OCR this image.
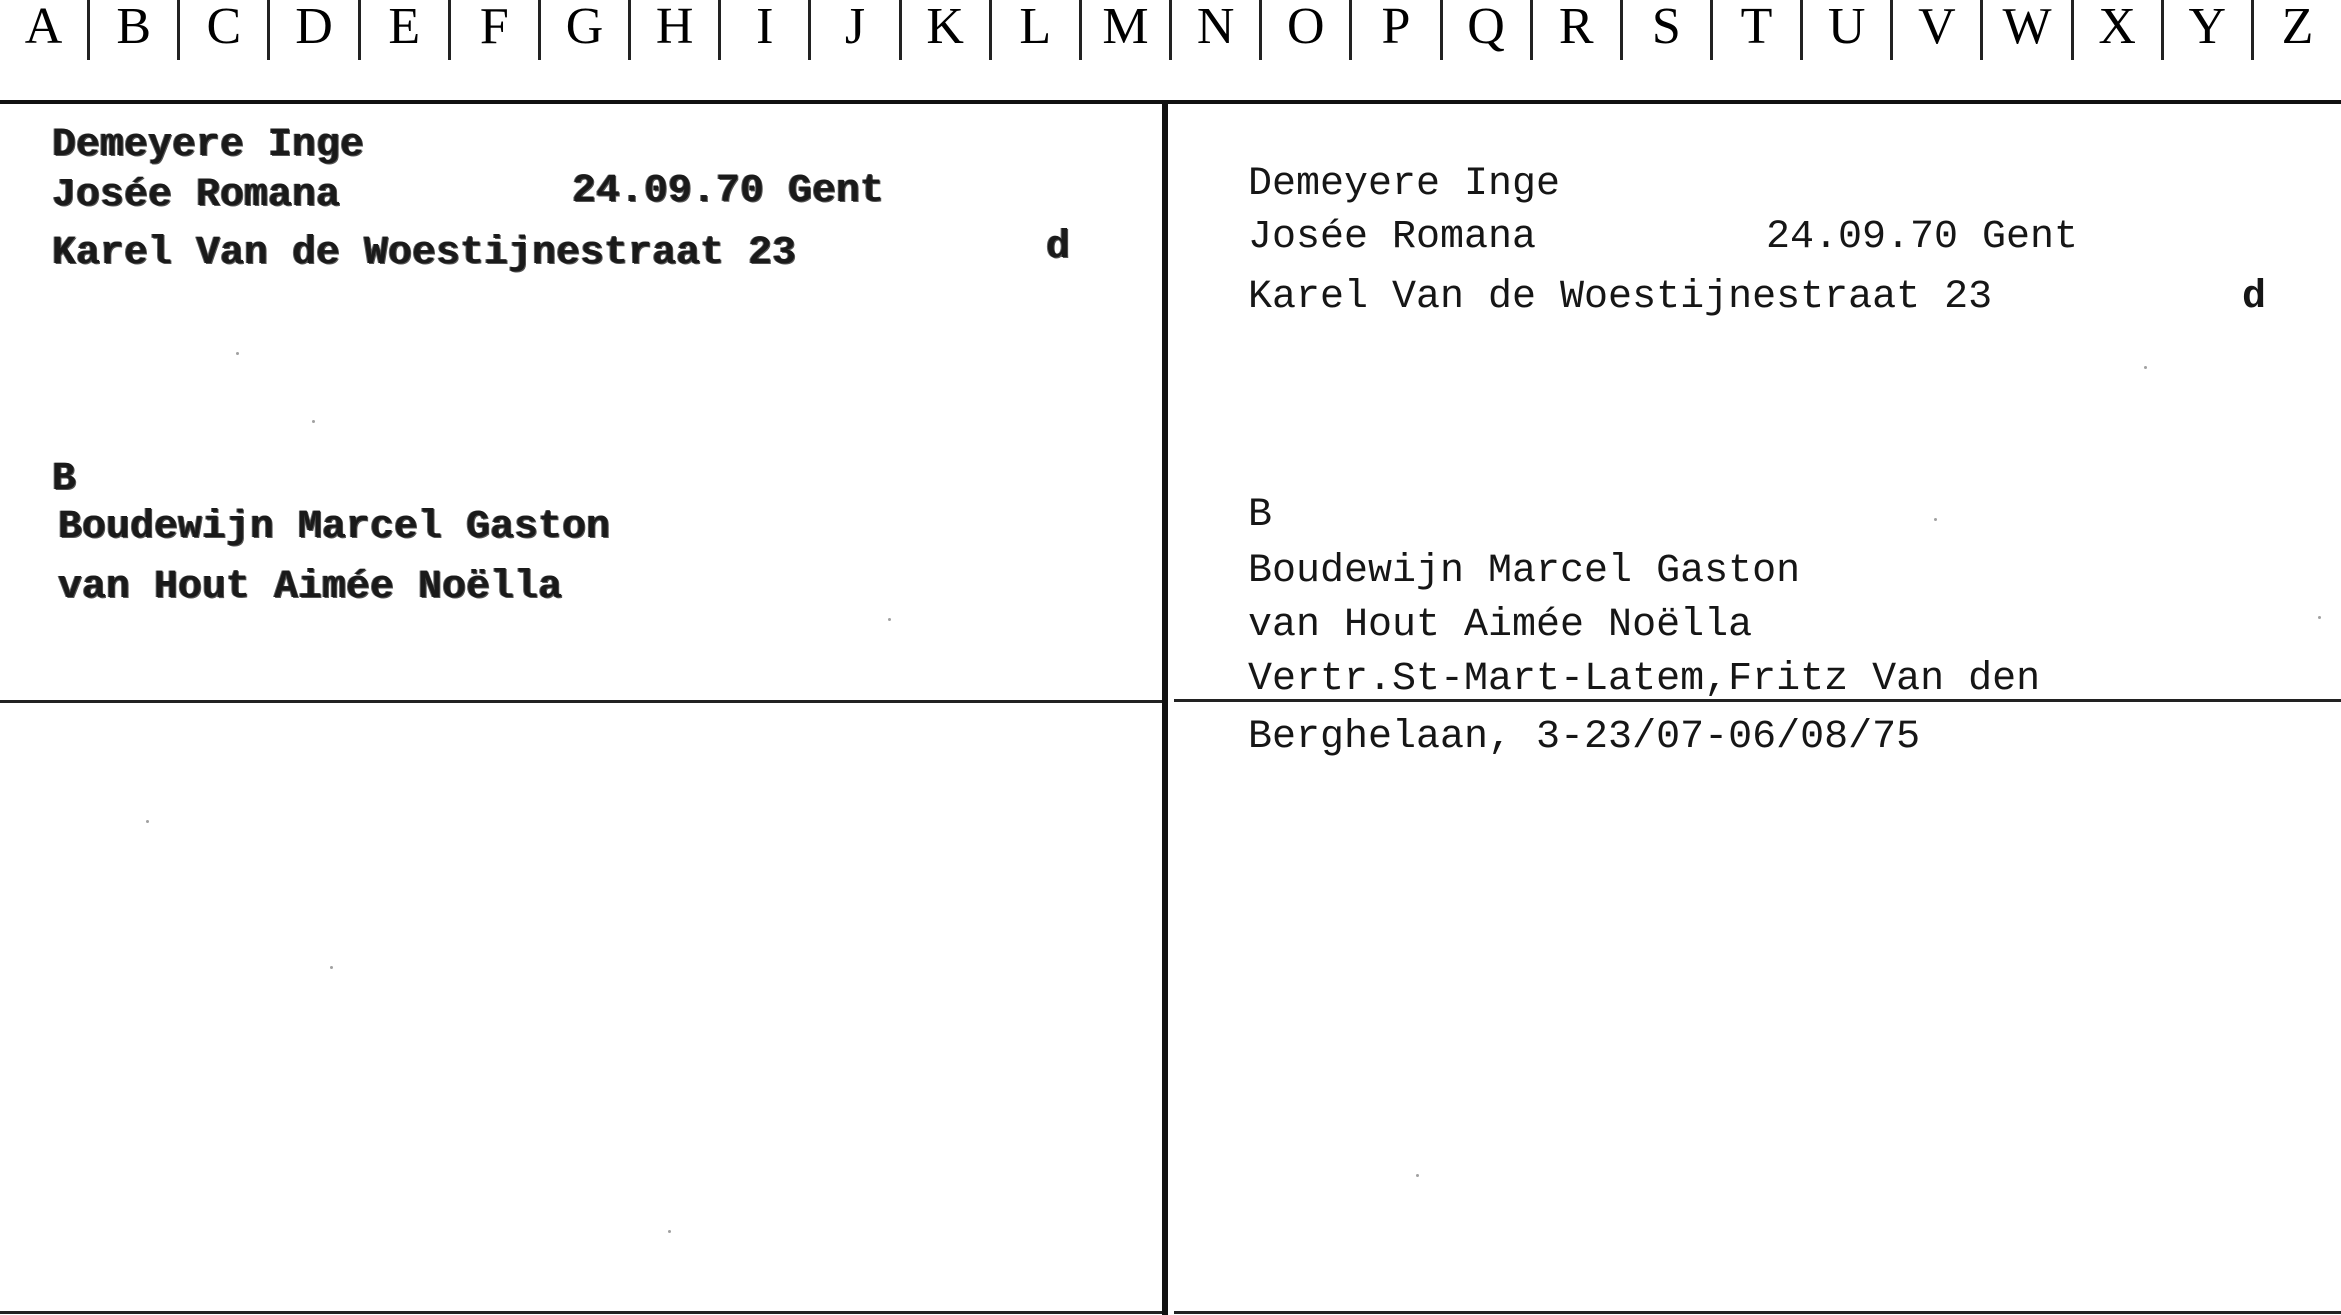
A	B	C	D	E	F	G	H	I	J	K	L M N	O	P	Q	R	S	T	U	V W X	Y	Z
Demeyere Inge
Josée Romana	24.09.70 Gent
Karel Van de Woestijnestraat 23	d
B
Boudewijn Marcel Gaston
van Hout Aimée Noëlla
Demeyere Inge
Josée Romana	24.09.70 Gent
Karel Van de Woestijnestraat 23	d
B
Boudewijn Marcel Gaston
van Hout Aimée Noëlla
Vertr.St-Mart-Latem,Fritz Van den
Berghelaan, 3-23/07-06/08/75
